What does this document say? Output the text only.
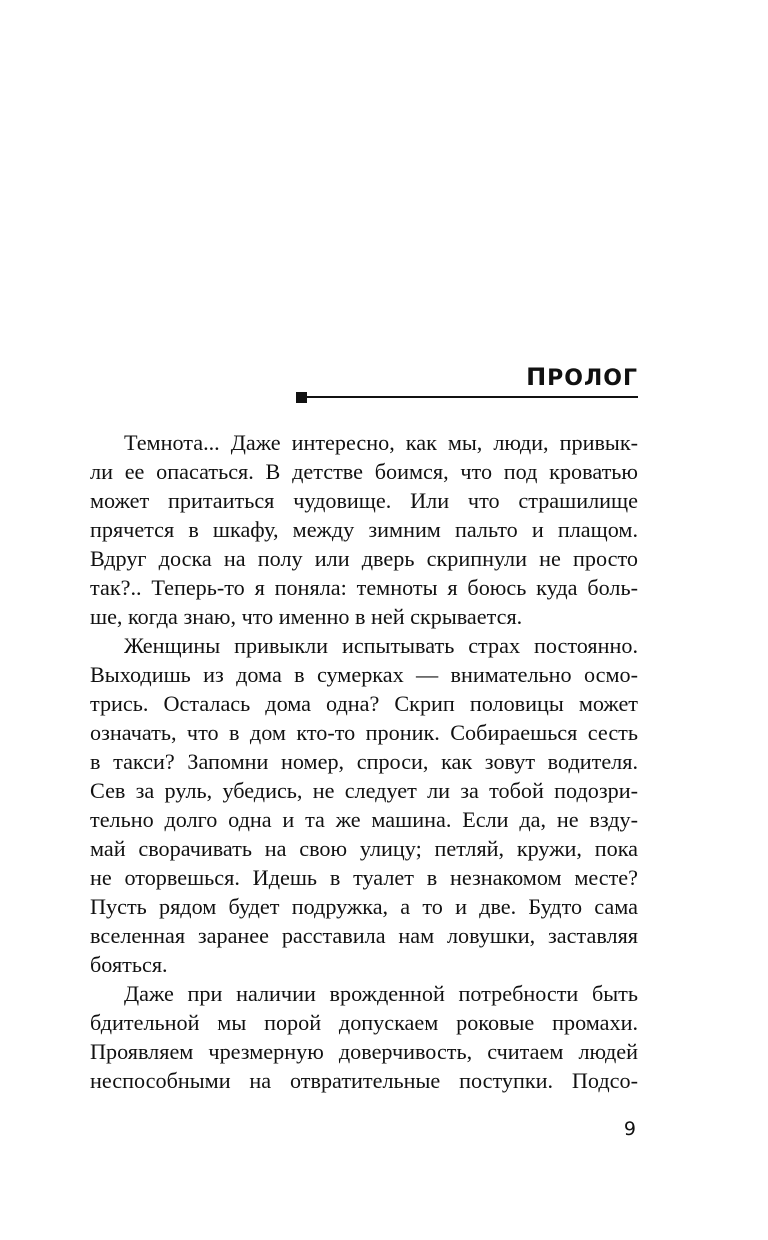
ПРОЛОГ
Темнота... Даже интересно, как мы, люди, привык-
ли ее опасаться. В детстве боимся, что под кроватью
может притаиться чудовище. Или что страшилище
прячется в шкафу, между зимним пальто и плащом.
Вдруг доска на полу или дверь скрипнули не просто
так?.. Теперь-то я поняла: темноты я боюсь куда боль-
ше, когда знаю, что именно в ней скрывается.
Женщины привыкли испытывать страх постоянно.
Выходишь из дома в сумерках — внимательно осмо-
трись. Осталась дома одна? Скрип половицы может
означать, что в дом кто-то проник. Собираешься сесть
в такси? Запомни номер, спроси, как зовут водителя.
Сев за руль, убедись, не следует ли за тобой подозри-
тельно долго одна и та же машина. Если да, не взду-
май сворачивать на свою улицу; петляй, кружи, пока
не оторвешься. Идешь в туалет в незнакомом месте?
Пусть рядом будет подружка, а то и две. Будто сама
вселенная заранее расставила нам ловушки, заставляя
бояться.
Даже при наличии врожденной потребности быть
бдительной мы порой допускаем роковые промахи.
Проявляем чрезмерную доверчивость, считаем людей
неспособными на отвратительные поступки. Подсо-
9
